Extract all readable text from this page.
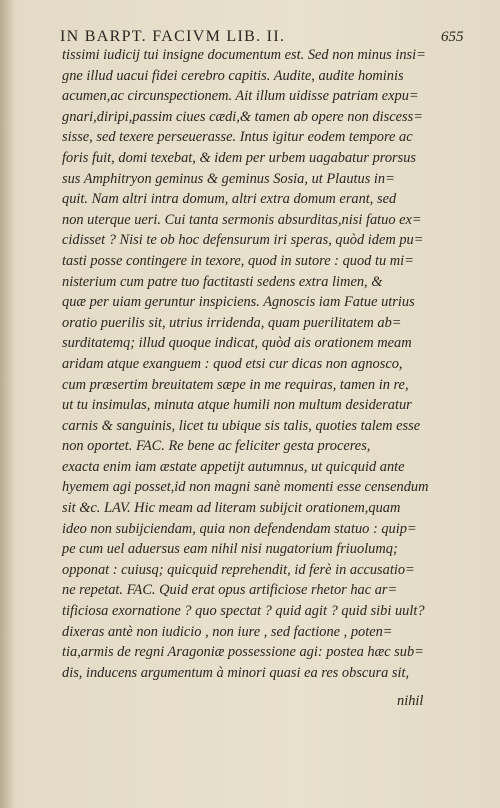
IN BARPT. FACIVM LIB. II.	655
tissimi iudicij tui insigne documentum est. Sed non minus insi=
gne illud uacui fidei cerebro capitis. Audite, audite hominis
acumen,ac circunspectionem. Ait illum uidisse patriam expu=
gnari,diripi,passim ciues cædi,& tamen ab opere non discess=
sisse, sed texere perseuerasse. Intus igitur eodem tempore ac
foris fuit, domi texebat, & idem per urbem uagabatur prorsus
sus Amphitryon geminus & geminus Sosia, ut Plautus in=
quit. Nam altri intra domum, altri extra domum erant, sed
non uterque ueri. Cui tanta sermonis absurditas,nisi fatuo ex=
cidisset ? Nisi te ob hoc defensurum iri speras, quòd idem pu=
tasti posse contingere in texore, quod in sutore : quod tu mi=
nisterium cum patre tuo factitasti sedens extra limen, &
quæ per uiam geruntur inspiciens. Agnoscis iam Fatue utrius
oratio puerilis sit, utrius irridenda, quam puerilitatem ab=
surditatemq; illud quoque indicat, quòd ais orationem meam
aridam atque exanguem : quod etsi cur dicas non agnosco,
cum præsertim breuitatem sæpe in me requiras, tamen in re,
ut tu insimulas, minuta atque humili non multum desideratur
carnis & sanguinis, licet tu ubique sis talis, quoties talem esse
non oportet. FAC. Re bene ac feliciter gesta proceres,
exacta enim iam æstate appetijt autumnus, ut quicquid ante
hyemem agi posset,id non magni sanè momenti esse censendum
sit &c. LAV. Hic meam ad literam subijcit orationem,quam
ideo non subijciendam, quia non defendendam statuo : quip=
pe cum uel aduersus eam nihil nisi nugatorium friuolumq;
opponat : cuiusq; quicquid reprehendit, id ferè in accusatio=
ne repetat. FAC. Quid erat opus artificiose rhetor hac ar=
tificiosa exornatione ? quo spectat ? quid agit ? quid sibi uult?
dixeras antè non iudicio , non iure , sed factione , poten=
tia,armis de regni Aragoniæ possessione agi: postea hæc sub=
dis, inducens argumentum à minori quasi ea res obscura sit,
nihil
